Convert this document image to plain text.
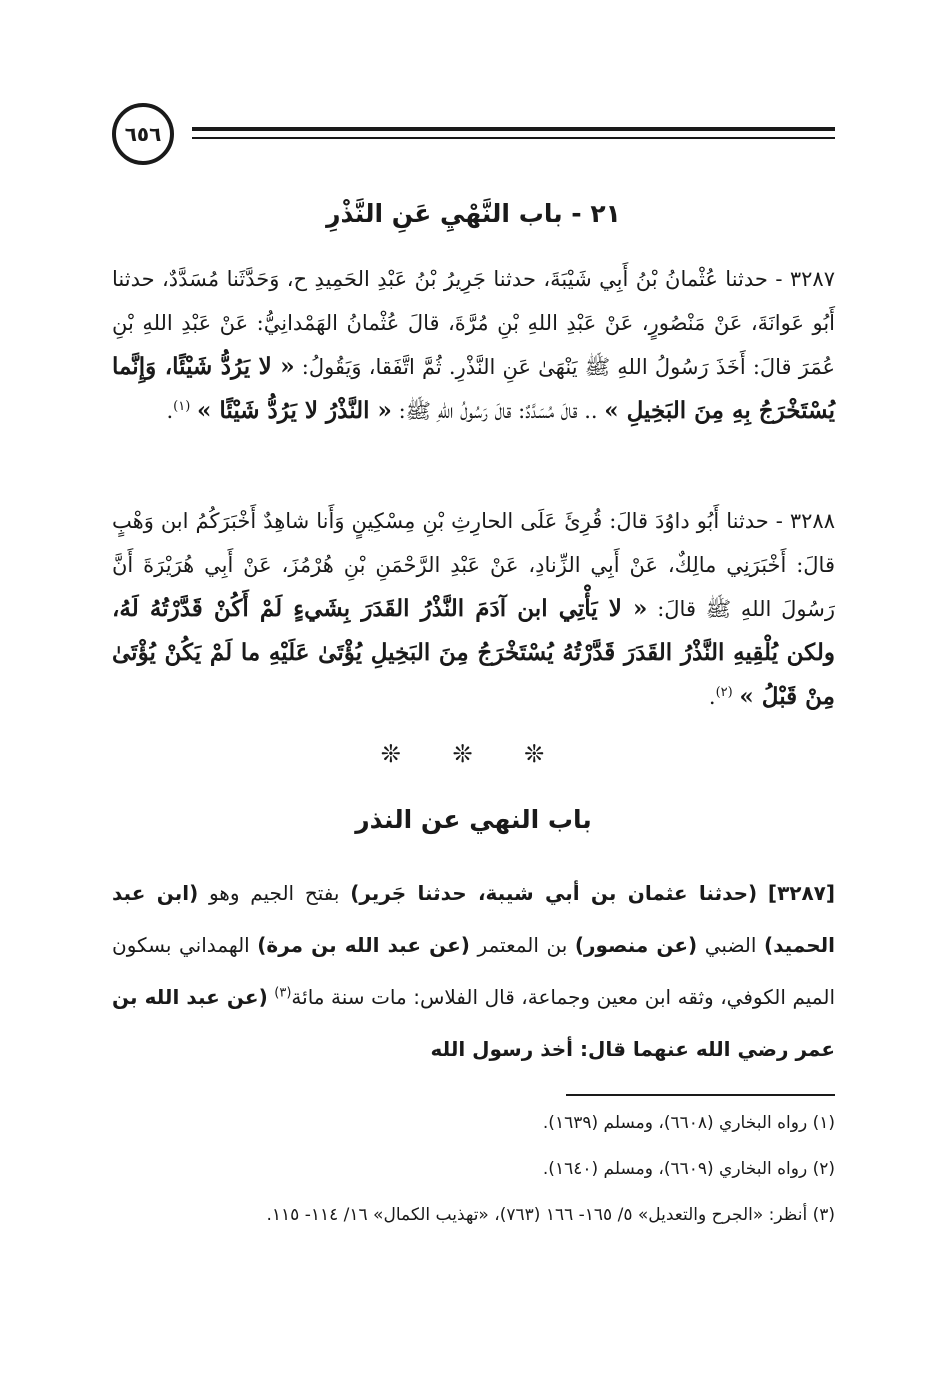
٦٥٦
٢١ - باب النَّهْيِ عَنِ النَّذْرِ
٣٢٨٧ - حدثنا عُثْمانُ بْنُ أَبِي شَيْبَةَ، حدثنا جَرِيرُ بْنُ عَبْدِ الحَمِيدِ ح، وَحَدَّثَنا مُسَدَّدٌ، حدثنا أَبُو عَوانَةَ، عَنْ مَنْصُورٍ، عَنْ عَبْدِ اللهِ بْنِ مُرَّةَ، قالَ عُثْمانُ الهَمْدانِيُّ: عَنْ عَبْدِ اللهِ بْنِ عُمَرَ قالَ: أَخَذَ رَسُولُ اللهِ ﷺ يَنْهَىٰ عَنِ النَّذْرِ. ثُمَّ اتَّفَقا، وَيَقُولُ: « لا يَرُدُّ شَيْئًا، وَإِنَّما يُسْتَخْرَجُ بِهِ مِنَ البَخِيلِ » .. قالَ مُسَدَّدٌ: قالَ رَسُولُ اللهِ ﷺ: « النَّذْرُ لا يَرُدُّ شَيْئًا » $^{(١)}$.
٣٢٨٨ - حدثنا أَبُو داوُدَ قالَ: قُرِئَ عَلَى الحارِثِ بْنِ مِسْكِينٍ وَأَنا شاهِدٌ أَخْبَرَكُمُ ابن وَهْبٍ قالَ: أَخْبَرَنِي مالِكٌ، عَنْ أَبِي الزِّنادِ، عَنْ عَبْدِ الرَّحْمَنِ بْنِ هُرْمُزَ، عَنْ أَبِي هُرَيْرَةَ أَنَّ رَسُولَ اللهِ ﷺ قالَ: « لا يَأْتِي ابن آدَمَ النَّذْرُ القَدَرَ بِشَيءٍ لَمْ أَكُنْ قَدَّرْتُهُ لَهُ، ولكن يُلْقِيهِ النَّذْرُ القَدَرَ قَدَّرْتُهُ يُسْتَخْرَجُ مِنَ البَخِيلِ يُؤْتَىٰ عَلَيْهِ ما لَمْ يَكُنْ يُؤْتَىٰ مِنْ قَبْلُ » $^{(٢)}$.
❊ ❊ ❊
باب النهي عن النذر
[٣٢٨٧] (حدثنا عثمان بن أبي شيبة، حدثنا جَرير) بفتح الجيم وهو (ابن عبد الحميد) الضبي (عن منصور) بن المعتمر (عن عبد الله بن مرة) الهمداني بسكون الميم الكوفي، وثقه ابن معين وجماعة، قال الفلاس: مات سنة مائة$^{(٣)}$ (عن عبد الله بن عمر رضي الله عنهما قال: أخذ رسول الله

(١) رواه البخاري (٦٦٠٨)، ومسلم (١٦٣٩).

(٢) رواه البخاري (٦٦٠٩)، ومسلم (١٦٤٠).

(٣) أنظر: «الجرح والتعديل» ٥/ ١٦٥- ١٦٦ (٧٦٣)، «تهذيب الكمال» ١٦/ ١١٤- ١١٥.
